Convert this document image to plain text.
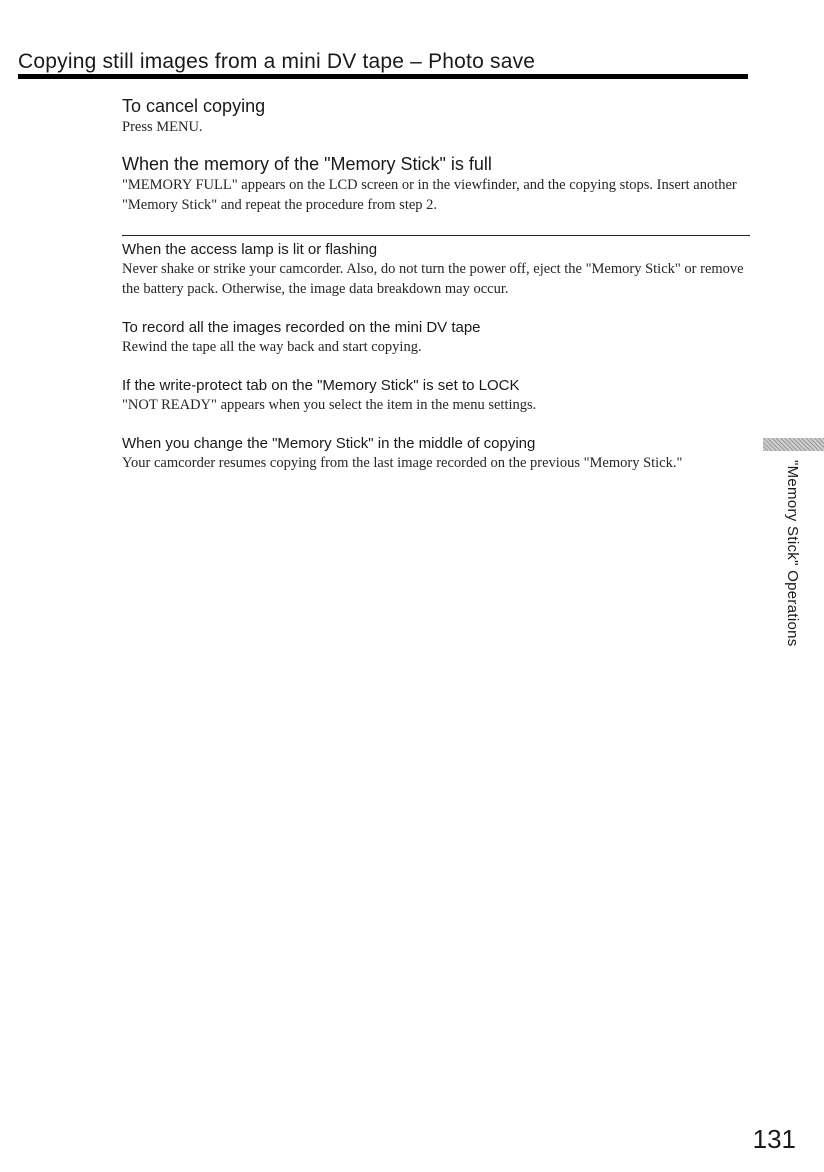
Copying still images from a mini DV tape – Photo save
To cancel copying

Press MENU.

When the memory of the "Memory Stick" is full

"MEMORY FULL" appears on the LCD screen or in the viewfinder, and the copying stops. Insert another "Memory Stick" and repeat the procedure from step 2.

When the access lamp is lit or flashing

Never shake or strike your camcorder. Also, do not turn the power off, eject the "Memory Stick" or remove the battery pack. Otherwise, the image data breakdown may occur.

To record all the images recorded on the mini DV tape

Rewind the tape all the way back and start copying.

If the write-protect tab on the "Memory Stick" is set to LOCK

"NOT READY" appears when you select the item in the menu settings.

When you change the "Memory Stick" in the middle of copying

Your camcorder resumes copying from the last image recorded on the previous "Memory Stick."	"Memory Stick" Operations
131
